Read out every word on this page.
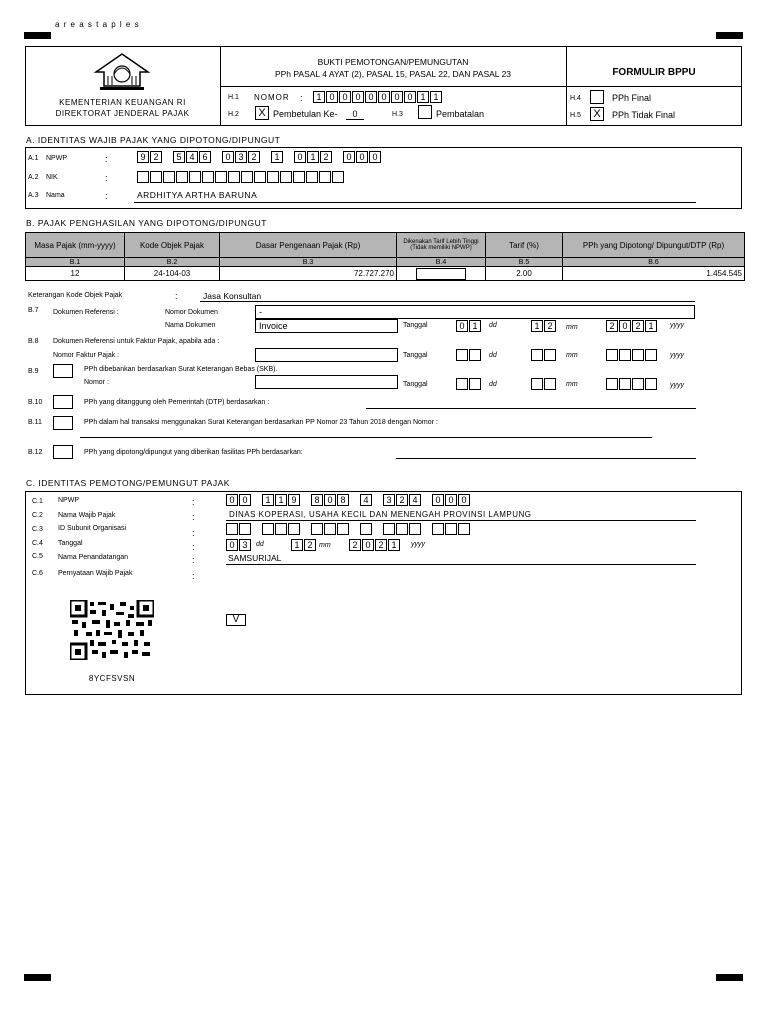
a r e a s t a p l e s
KEMENTERIAN KEUANGAN RI
DIREKTORAT JENDERAL PAJAK
BUKTI PEMOTONGAN/PEMUNGUTAN
PPh PASAL 4 AYAT (2), PASAL 15, PASAL 22, DAN PASAL 23	FORMULIR BPPU
H.1 NOMOR :	1 0 0 0 0 0 0 0 1 1
H.2	X Pembetulan Ke-	0	H.3	Pembatalan
H.4	PPh Final
H.5	X	PPh Tidak Final
A. IDENTITAS WAJIB PAJAK YANG DIPOTONG/DIPUNGUT
A.1 NPWP	:	9 2 5 4 6 0 3 2 1 0 1 2 0 0 0
A.2 NIK	:
A.3 Nama	:	ARDHITYA ARTHA BARUNA
B. PAJAK PENGHASILAN YANG DIPOTONG/DIPUNGUT
Masa Pajak (mm-yyyy)	Kode Objek Pajak	Dasar Pengenaan Pajak (Rp)	Dikenakan Tarif Lebih Tinggi (Tidak memiliki NPWP)	Tarif (%)	PPh yang Dipotong/ Dipungut/DTP (Rp)
B.1	B.2	B.3	B.4	B.5	B.6
12	24-104-03	72.727.270		2.00	1.454.545
Keterangan Kode Objek Pajak	:	Jasa Konsultan
B.7 Dokumen Referensi :	Nomor Dokumen	-
Nama Dokumen	Invoice	Tanggal	0 1	dd	1 2	mm	2 0 2 1	yyyy
B.8 Dokumen Referensi untuk Faktur Pajak, apabila ada :
Nomor Faktur Pajak :	Tanggal	dd	mm	yyyy
B.9	PPh dibebankan berdasarkan Surat Keterangan Bebas (SKB).
Nomor :	Tanggal	dd	mm	yyyy
B.10	PPh yang ditanggung oleh Pemerintah (DTP) berdasarkan :
B.11	PPh dalam hal transaksi menggunakan Surat Keterangan berdasarkan PP Nomor 23 Tahun 2018 dengan Nomor :
B.12	PPh yang dipotong/dipungut yang diberikan fasilitas PPh berdasarkan:
C. IDENTITAS PEMOTONG/PEMUNGUT PAJAK
C.1 NPWP	:	0 0 1 1 9 8 0 8 4 3 2 4 0 0 0
C.2 Nama Wajib Pajak	:	DINAS KOPERASI, USAHA KECIL DAN MENENGAH PROVINSI LAMPUNG
C.3 ID Subunit Organisasi	:
C.4 Tanggal	:	0 3	dd	1 2 mm	2 0 2 1	yyyy
C.5 Nama Penandatangan	:	SAMSURIJAL
C.6 Pernyataan Wajib Pajak	:
V
8YCFSVSN
